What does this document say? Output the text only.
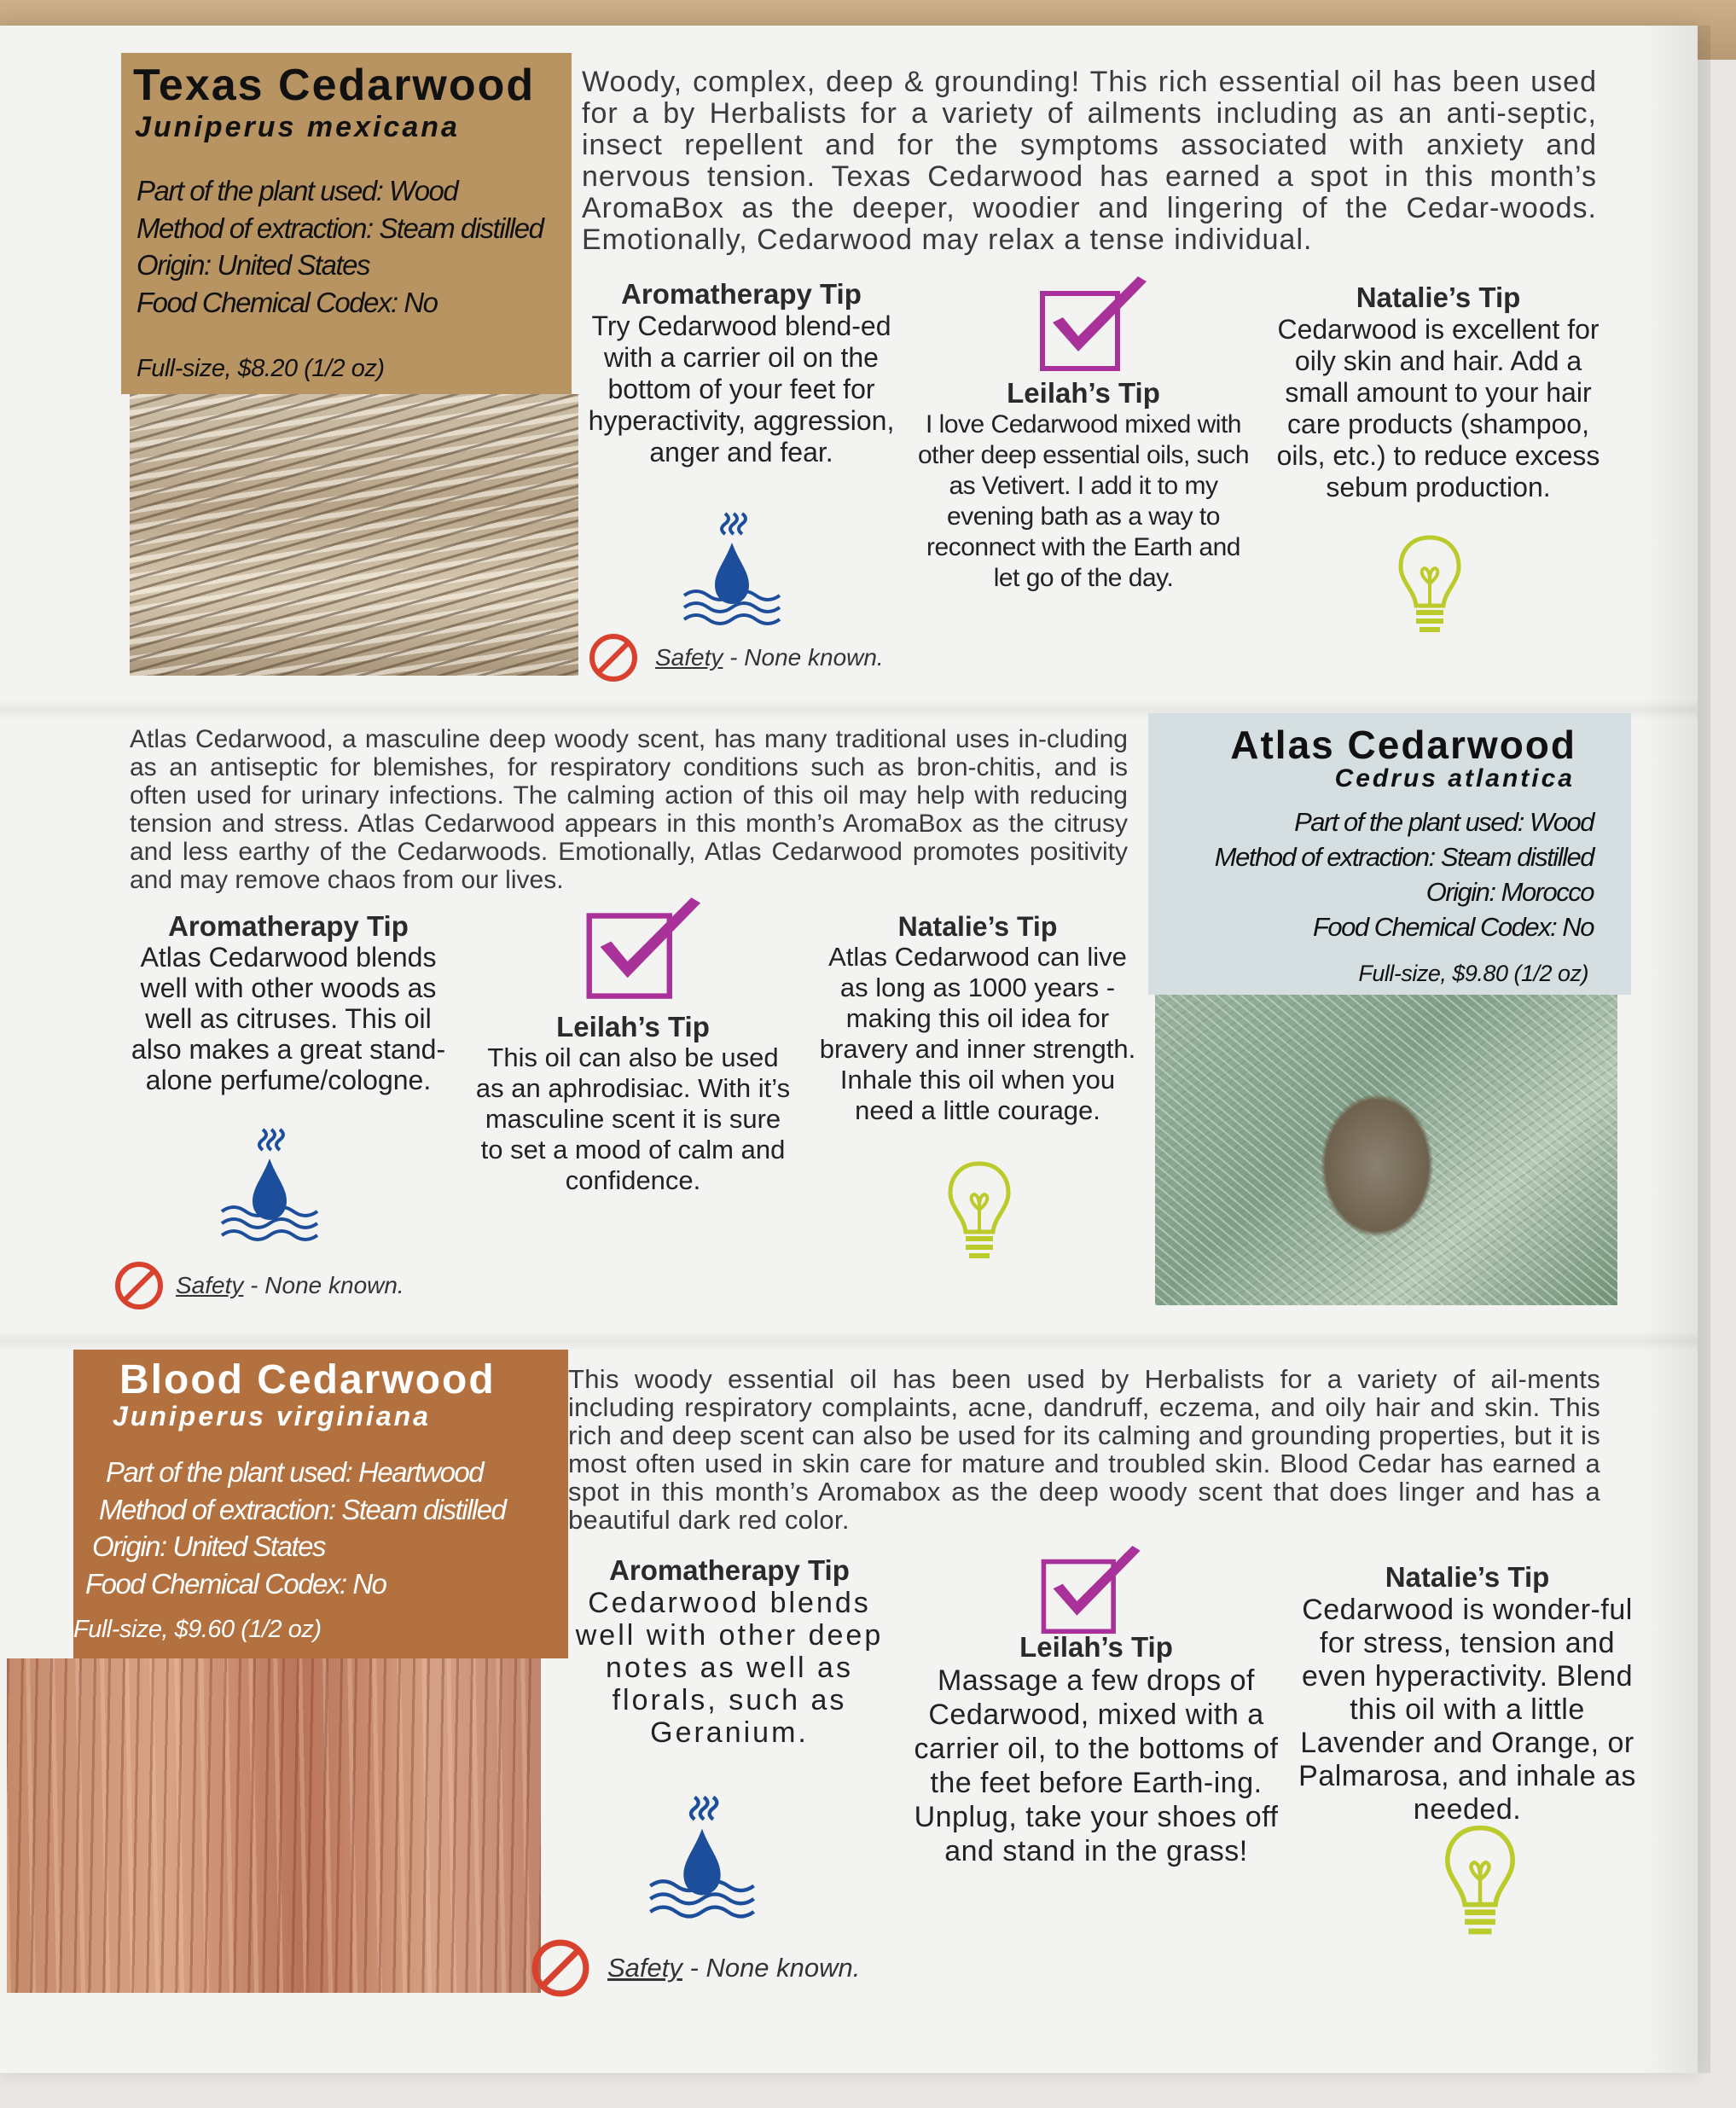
Texas Cedarwood
Juniperus mexicana
Part of the plant used: Wood
Method of extraction: Steam distilled
Origin: United States
Food Chemical Codex: No
Full-size, $8.20 (1/2 oz)
Woody, complex, deep & grounding! This rich essential oil has been used for a by Herbalists for a variety of ailments including as an anti-septic, insect repellent and for the symptoms associated with anxiety and nervous tension. Texas Cedarwood has earned a spot in this month’s AromaBox as the deeper, woodier and lingering of the Cedar-woods. Emotionally, Cedarwood may relax a tense individual.
Aromatherapy Tip
Try Cedarwood blend-ed with a carrier oil on the bottom of your feet for hyperactivity, aggression, anger and fear.
Leilah’s Tip
I love Cedarwood mixed with other deep essential oils, such as Vetivert. I add it to my evening bath as a way to reconnect with the Earth and let go of the day.
Natalie’s Tip
Cedarwood is excellent for oily skin and hair. Add a small amount to your hair care products (shampoo, oils, etc.) to reduce excess sebum production.
Safety - None known.
Atlas Cedarwood, a masculine deep woody scent, has many traditional uses in-cluding as an antiseptic for blemishes, for respiratory conditions such as bron-chitis, and is often used for urinary infections. The calming action of this oil may help with reducing tension and stress. Atlas Cedarwood appears in this month’s AromaBox as the citrusy and less earthy of the Cedarwoods. Emotionally, Atlas Cedarwood promotes positivity and may remove chaos from our lives.
Atlas Cedarwood
Cedrus atlantica
Part of the plant used: Wood
Method of extraction: Steam distilled
Origin: Morocco
Food Chemical Codex: No
Full-size, $9.80 (1/2 oz)
Aromatherapy Tip
Atlas Cedarwood blends well with other woods as well as citruses. This oil also makes a great stand-alone perfume/cologne.
Leilah’s Tip
This oil can also be used as an aphrodisiac. With it’s masculine scent it is sure to set a mood of calm and confidence.
Natalie’s Tip
Atlas Cedarwood can live as long as 1000 years - making this oil idea for bravery and inner strength. Inhale this oil when you need a little courage.
Safety - None known.
Blood Cedarwood
Juniperus virginiana
Part of the plant used: Heartwood
Method of extraction: Steam distilled
Origin: United States
Food Chemical Codex: No
Full-size, $9.60 (1/2 oz)
This woody essential oil has been used by Herbalists for a variety of ail-ments including respiratory complaints, acne, dandruff, eczema, and oily hair and skin. This rich and deep scent can also be used for its calming and grounding properties, but it is most often used in skin care for mature and troubled skin. Blood Cedar has earned a spot in this month’s Aromabox as the deep woody scent that does linger and has a beautiful dark red color.
Aromatherapy Tip
Cedarwood blends well with other deep notes as well as florals, such as Geranium.
Leilah’s Tip
Massage a few drops of Cedarwood, mixed with a carrier oil, to the bottoms of the feet before Earth-ing. Unplug, take your shoes off and stand in the grass!
Natalie’s Tip
Cedarwood is wonder-ful for stress, tension and even hyperactivity. Blend this oil with a little Lavender and Orange, or Palmarosa, and inhale as needed.
Safety - None known.
